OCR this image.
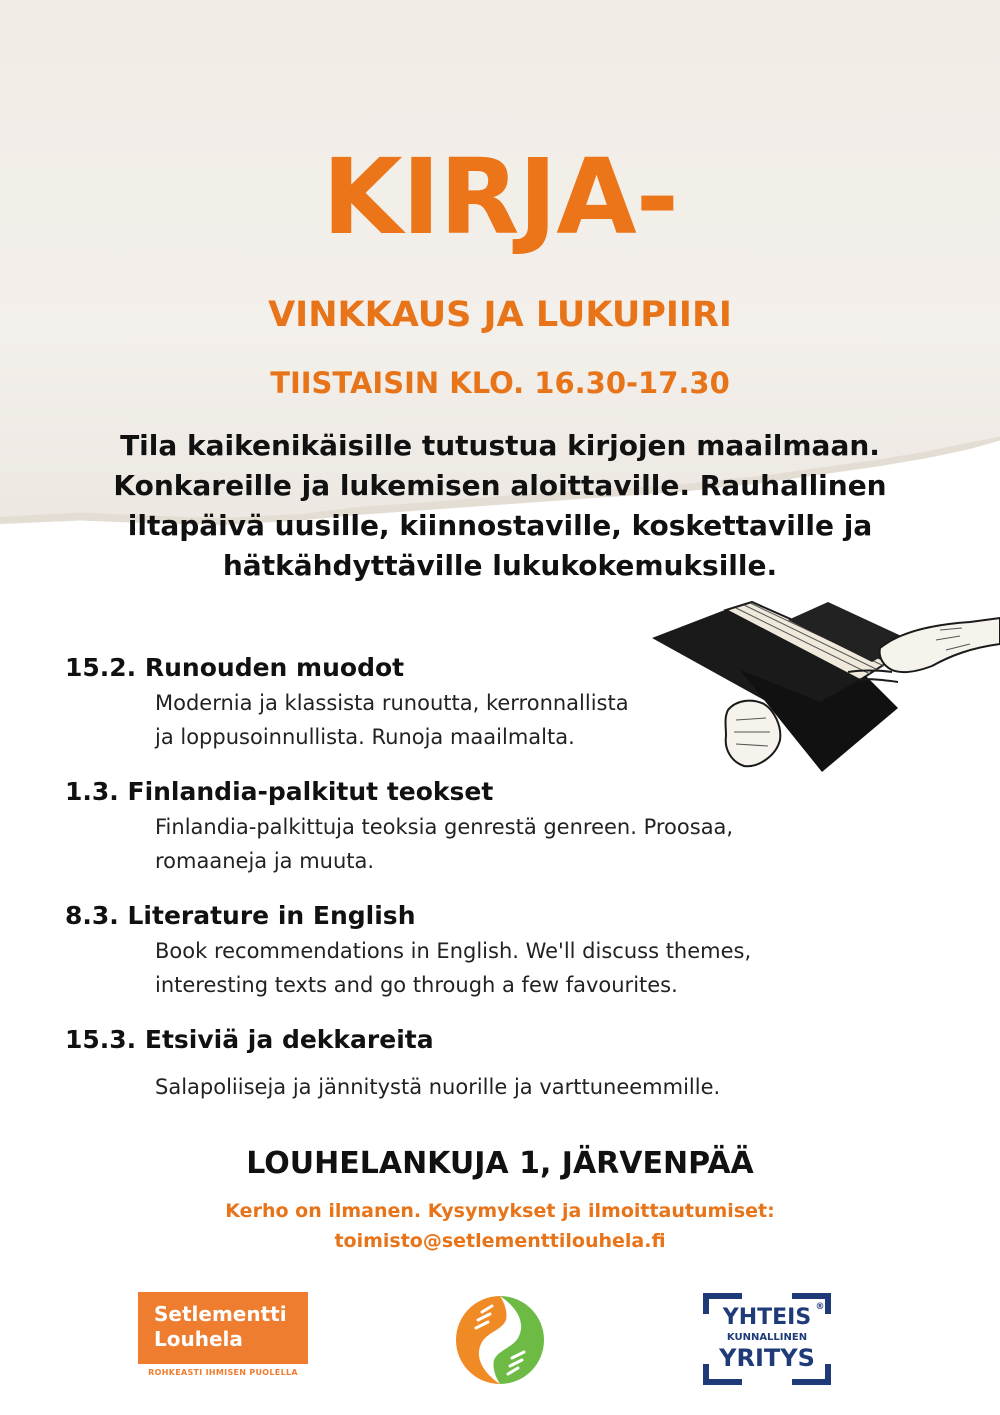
KIRJA-
VINKKAUS JA LUKUPIIRI
TIISTAISIN KLO. 16.30-17.30
Tila kaikenikäisille tutustua kirjojen maailmaan.
Konkareille ja lukemisen aloittaville. Rauhallinen
iltapäivä uusille, kiinnostaville, koskettaville ja
hätkähdyttäville lukukokemuksille.
15.2. Runouden muodot
Modernia ja klassista runoutta, kerronnallista
ja loppusoinnullista. Runoja maailmalta.
1.3. Finlandia-palkitut teokset
Finlandia-palkittuja teoksia genrestä genreen. Proosaa,
romaaneja ja muuta.
8.3. Literature in English
Book recommendations in English. We'll discuss themes,
interesting texts and go through a few favourites.
15.3. Etsiviä ja dekkareita
Salapoliiseja ja jännitystä nuorille ja varttuneemmille.
LOUHELANKUJA 1, JÄRVENPÄÄ
Kerho on ilmanen. Kysymykset ja ilmoittautumiset:
toimisto@setlementtilouhela.fi
Setlementti
Louhela
ROHKEASTI IHMISEN PUOLELLA
YHTEIS ®
KUNNALLINEN
YRITYS
